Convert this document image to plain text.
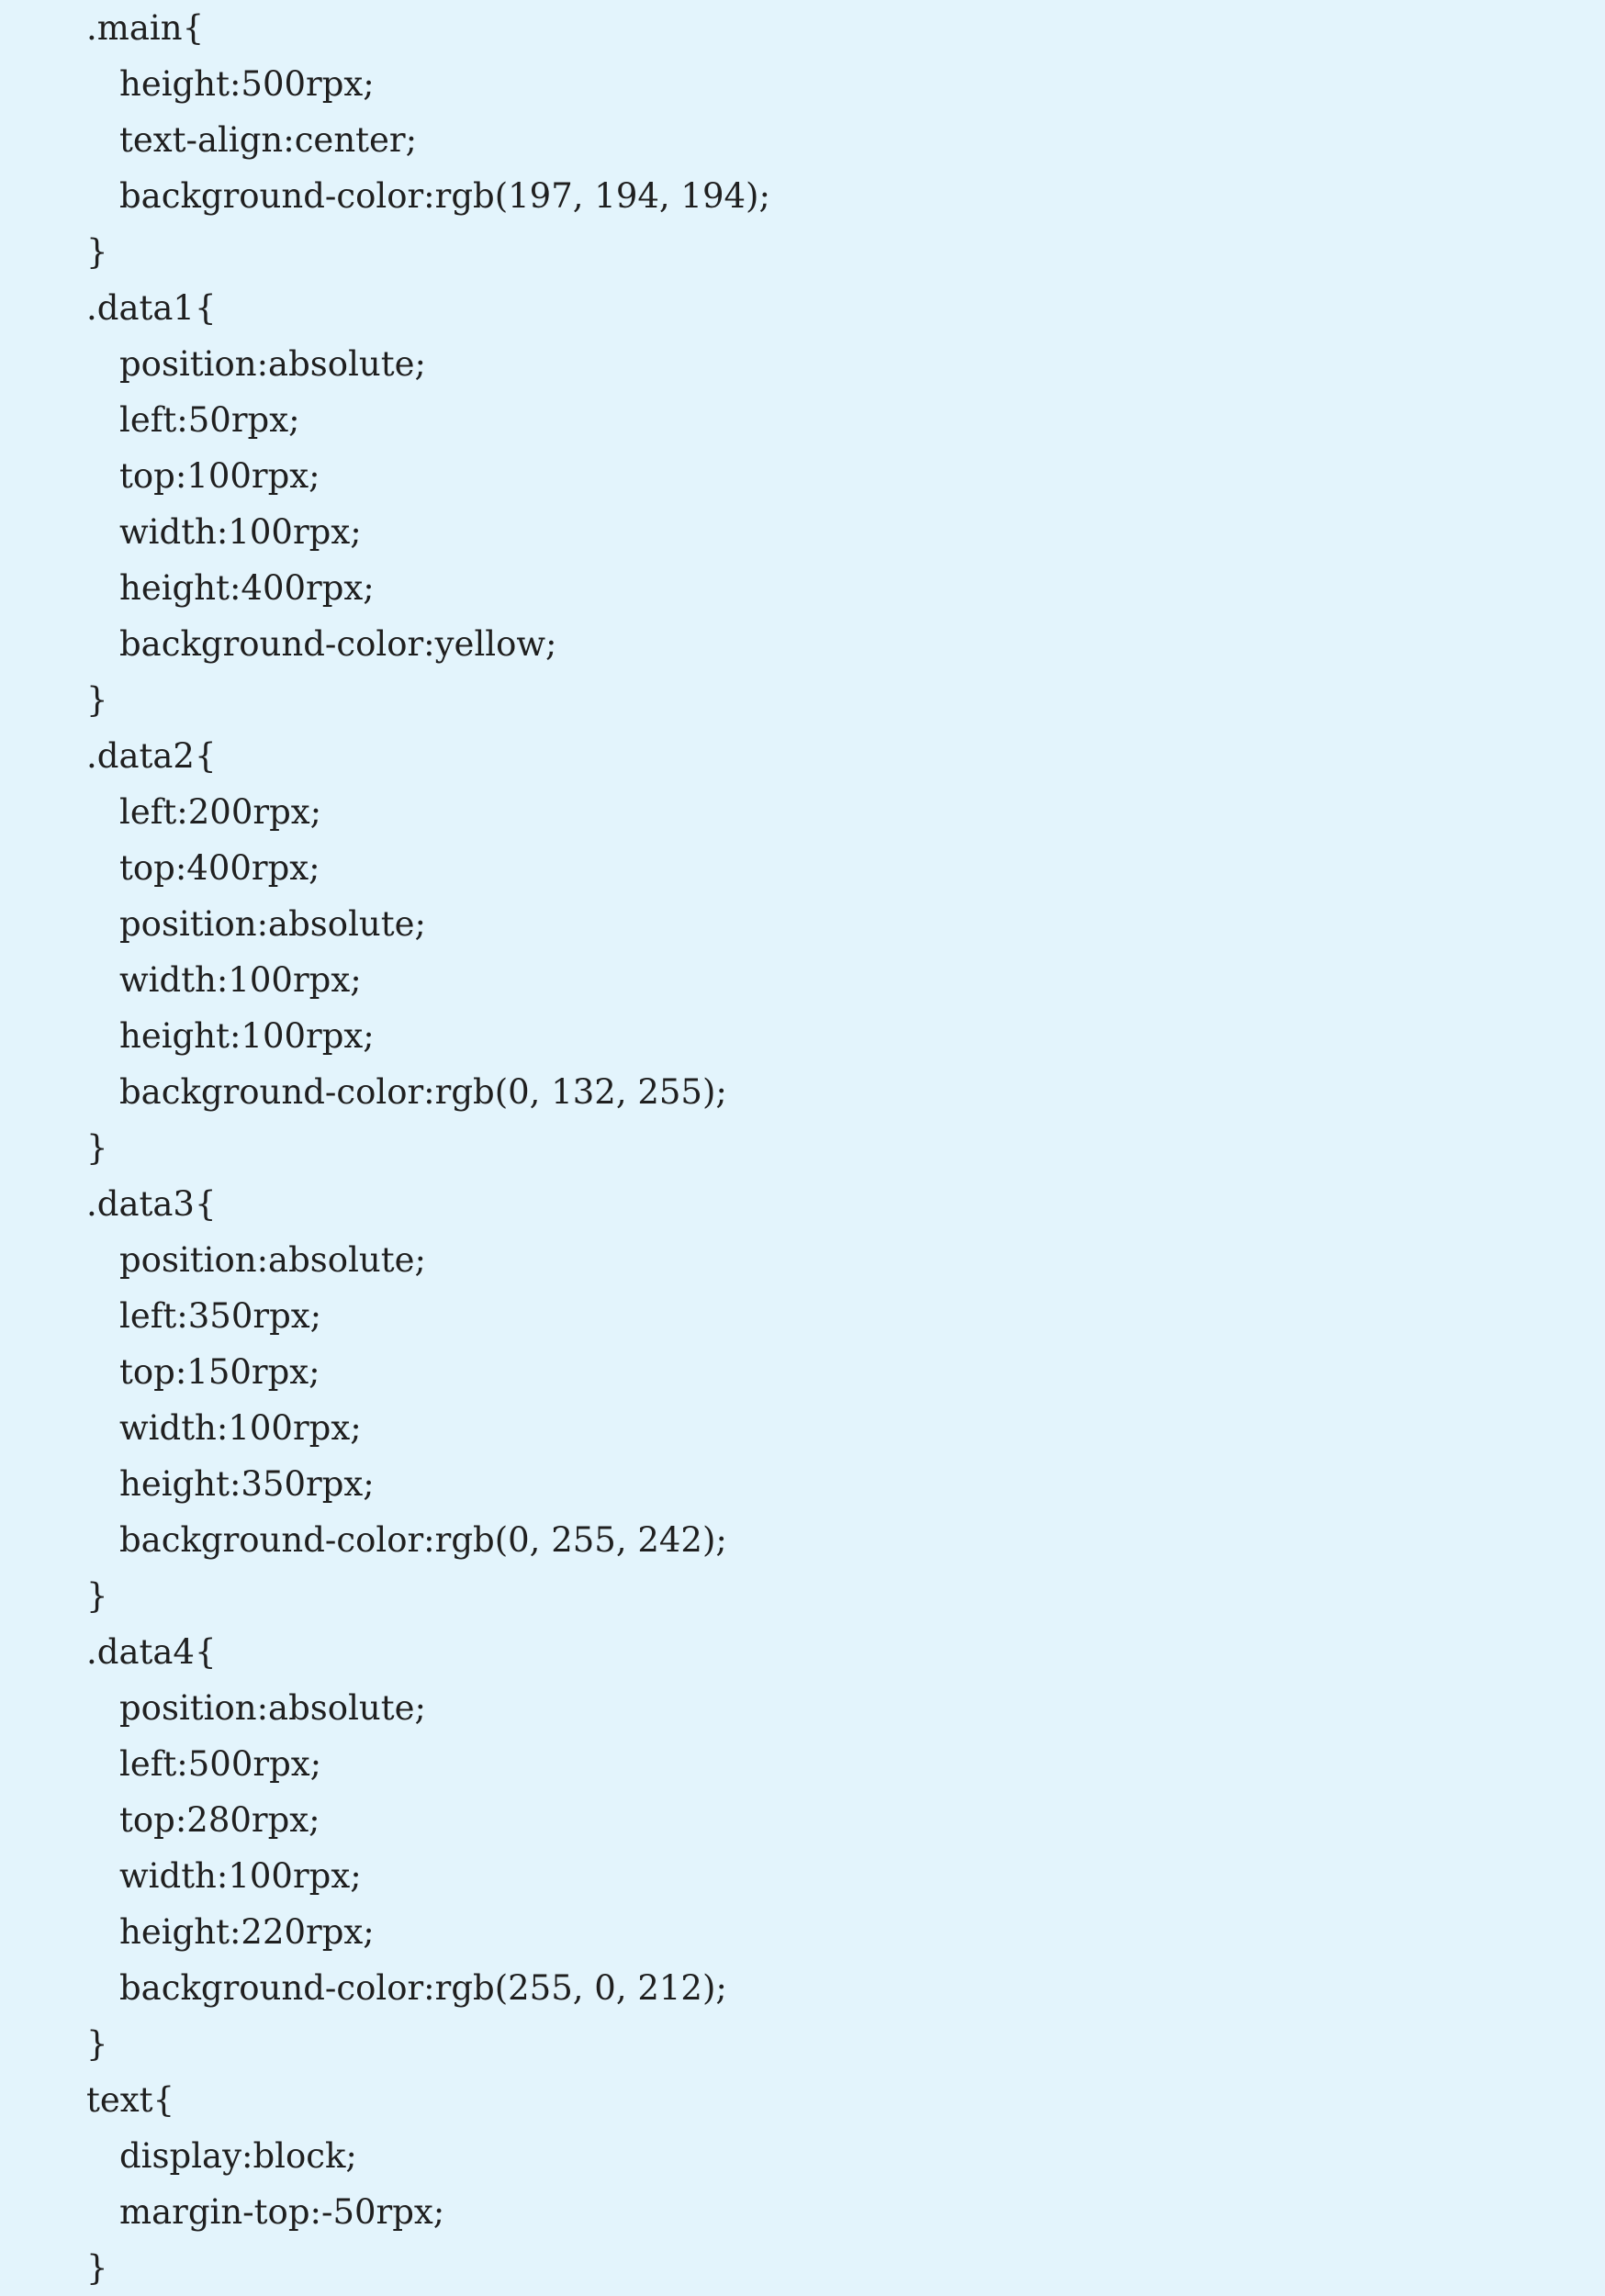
.main{
height:500rpx;
text-align:center;
background-color:rgb(197, 194, 194);
}
.data1{
position:absolute;
left:50rpx;
top:100rpx;
width:100rpx;
height:400rpx;
background-color:yellow;
}
.data2{
left:200rpx;
top:400rpx;
position:absolute;
width:100rpx;
height:100rpx;
background-color:rgb(0, 132, 255);
}
.data3{
position:absolute;
left:350rpx;
top:150rpx;
width:100rpx;
height:350rpx;
background-color:rgb(0, 255, 242);
}
.data4{
position:absolute;
left:500rpx;
top:280rpx;
width:100rpx;
height:220rpx;
background-color:rgb(255, 0, 212);
}
text{
display:block;
margin-top:-50rpx;
}
